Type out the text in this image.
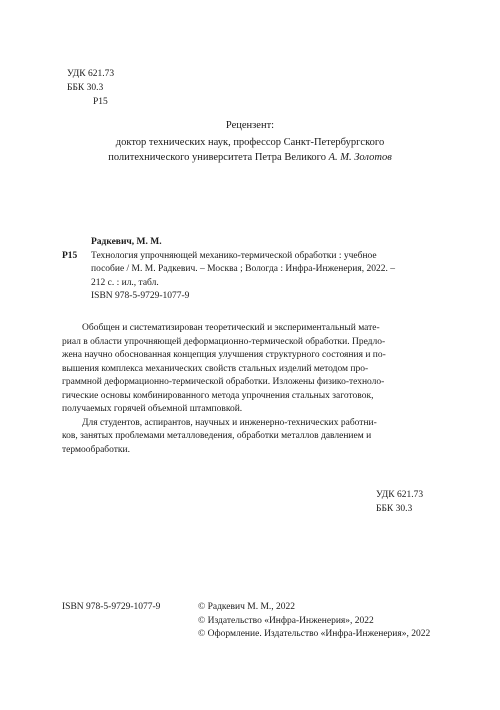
УДК 621.73
ББК 30.3
Р15
Рецензент:
доктор технических наук, профессор Санкт-Петербургского
политехнического университета Петра Великого А. М. Золотов
Радкевич, М. М.
Р15	Технология упрочняющей механико-термической обработки : учебное
пособие / М. М. Радкевич. – Москва ; Вологда : Инфра-Инженерия, 2022. –
212 с. : ил., табл.
ISBN 978-5-9729-1077-9
Обобщен и систематизирован теоретический и экспериментальный мате-
риал в области упрочняющей деформационно-термической обработки. Предло-
жена научно обоснованная концепция улучшения структурного состояния и по-
вышения комплекса механических свойств стальных изделий методом про-
граммной деформационно-термической обработки. Изложены физико-техноло-
гические основы комбинированного метода упрочнения стальных заготовок,
получаемых горячей объемной штамповкой.
Для студентов, аспирантов, научных и инженерно-технических работни-
ков, занятых проблемами металловедения, обработки металлов давлением и
термообработки.
УДК 621.73
ББК 30.3
ISBN 978-5-9729-1077-9	© Радкевич М. М., 2022
© Издательство «Инфра-Инженерия», 2022
© Оформление. Издательство «Инфра-Инженерия», 2022
